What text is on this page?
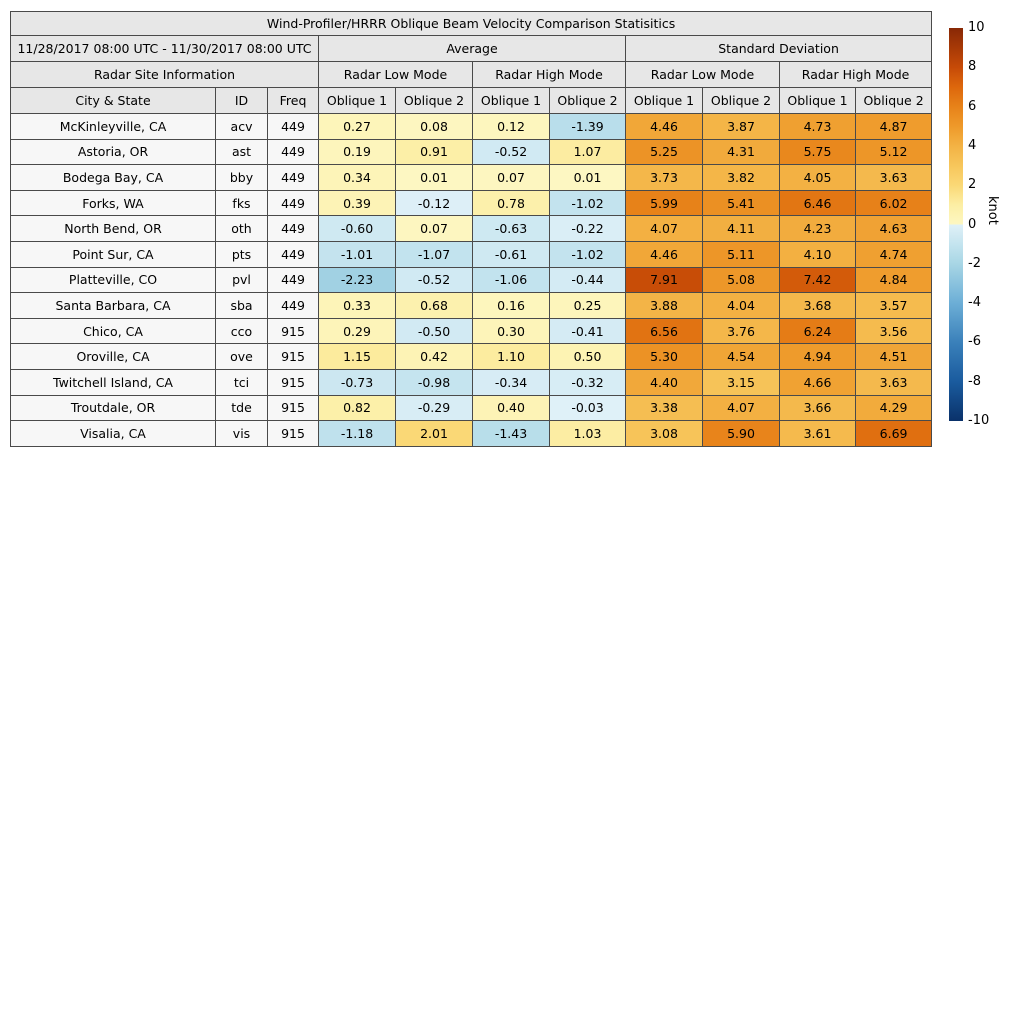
Wind-Profiler/HRRR Oblique Beam Velocity Comparison Statisitics										
11/28/2017 08:00 UTC - 11/30/2017 08:00 UTC			Average				Standard Deviation			
Radar Site Information			Radar Low Mode		Radar High Mode		Radar Low Mode		Radar High Mode	
City & State	ID	Freq	Oblique 1	Oblique 2	Oblique 1	Oblique 2	Oblique 1	Oblique 2	Oblique 1	Oblique 2
McKinleyville, CA	acv	449	0.27	0.08	0.12	-1.39	4.46	3.87	4.73	4.87
Astoria, OR	ast	449	0.19	0.91	-0.52	1.07	5.25	4.31	5.75	5.12
Bodega Bay, CA	bby	449	0.34	0.01	0.07	0.01	3.73	3.82	4.05	3.63
Forks, WA	fks	449	0.39	-0.12	0.78	-1.02	5.99	5.41	6.46	6.02
North Bend, OR	oth	449	-0.60	0.07	-0.63	-0.22	4.07	4.11	4.23	4.63
Point Sur, CA	pts	449	-1.01	-1.07	-0.61	-1.02	4.46	5.11	4.10	4.74
Platteville, CO	pvl	449	-2.23	-0.52	-1.06	-0.44	7.91	5.08	7.42	4.84
Santa Barbara, CA	sba	449	0.33	0.68	0.16	0.25	3.88	4.04	3.68	3.57
Chico, CA	cco	915	0.29	-0.50	0.30	-0.41	6.56	3.76	6.24	3.56
Oroville, CA	ove	915	1.15	0.42	1.10	0.50	5.30	4.54	4.94	4.51
Twitchell Island, CA	tci	915	-0.73	-0.98	-0.34	-0.32	4.40	3.15	4.66	3.63
Troutdale, OR	tde	915	0.82	-0.29	0.40	-0.03	3.38	4.07	3.66	4.29
Visalia, CA	vis	915	-1.18	2.01	-1.43	1.03	3.08	5.90	3.61	6.69
10
8
6
4
2
0
-2
-4
-6
-8
-10
knot
